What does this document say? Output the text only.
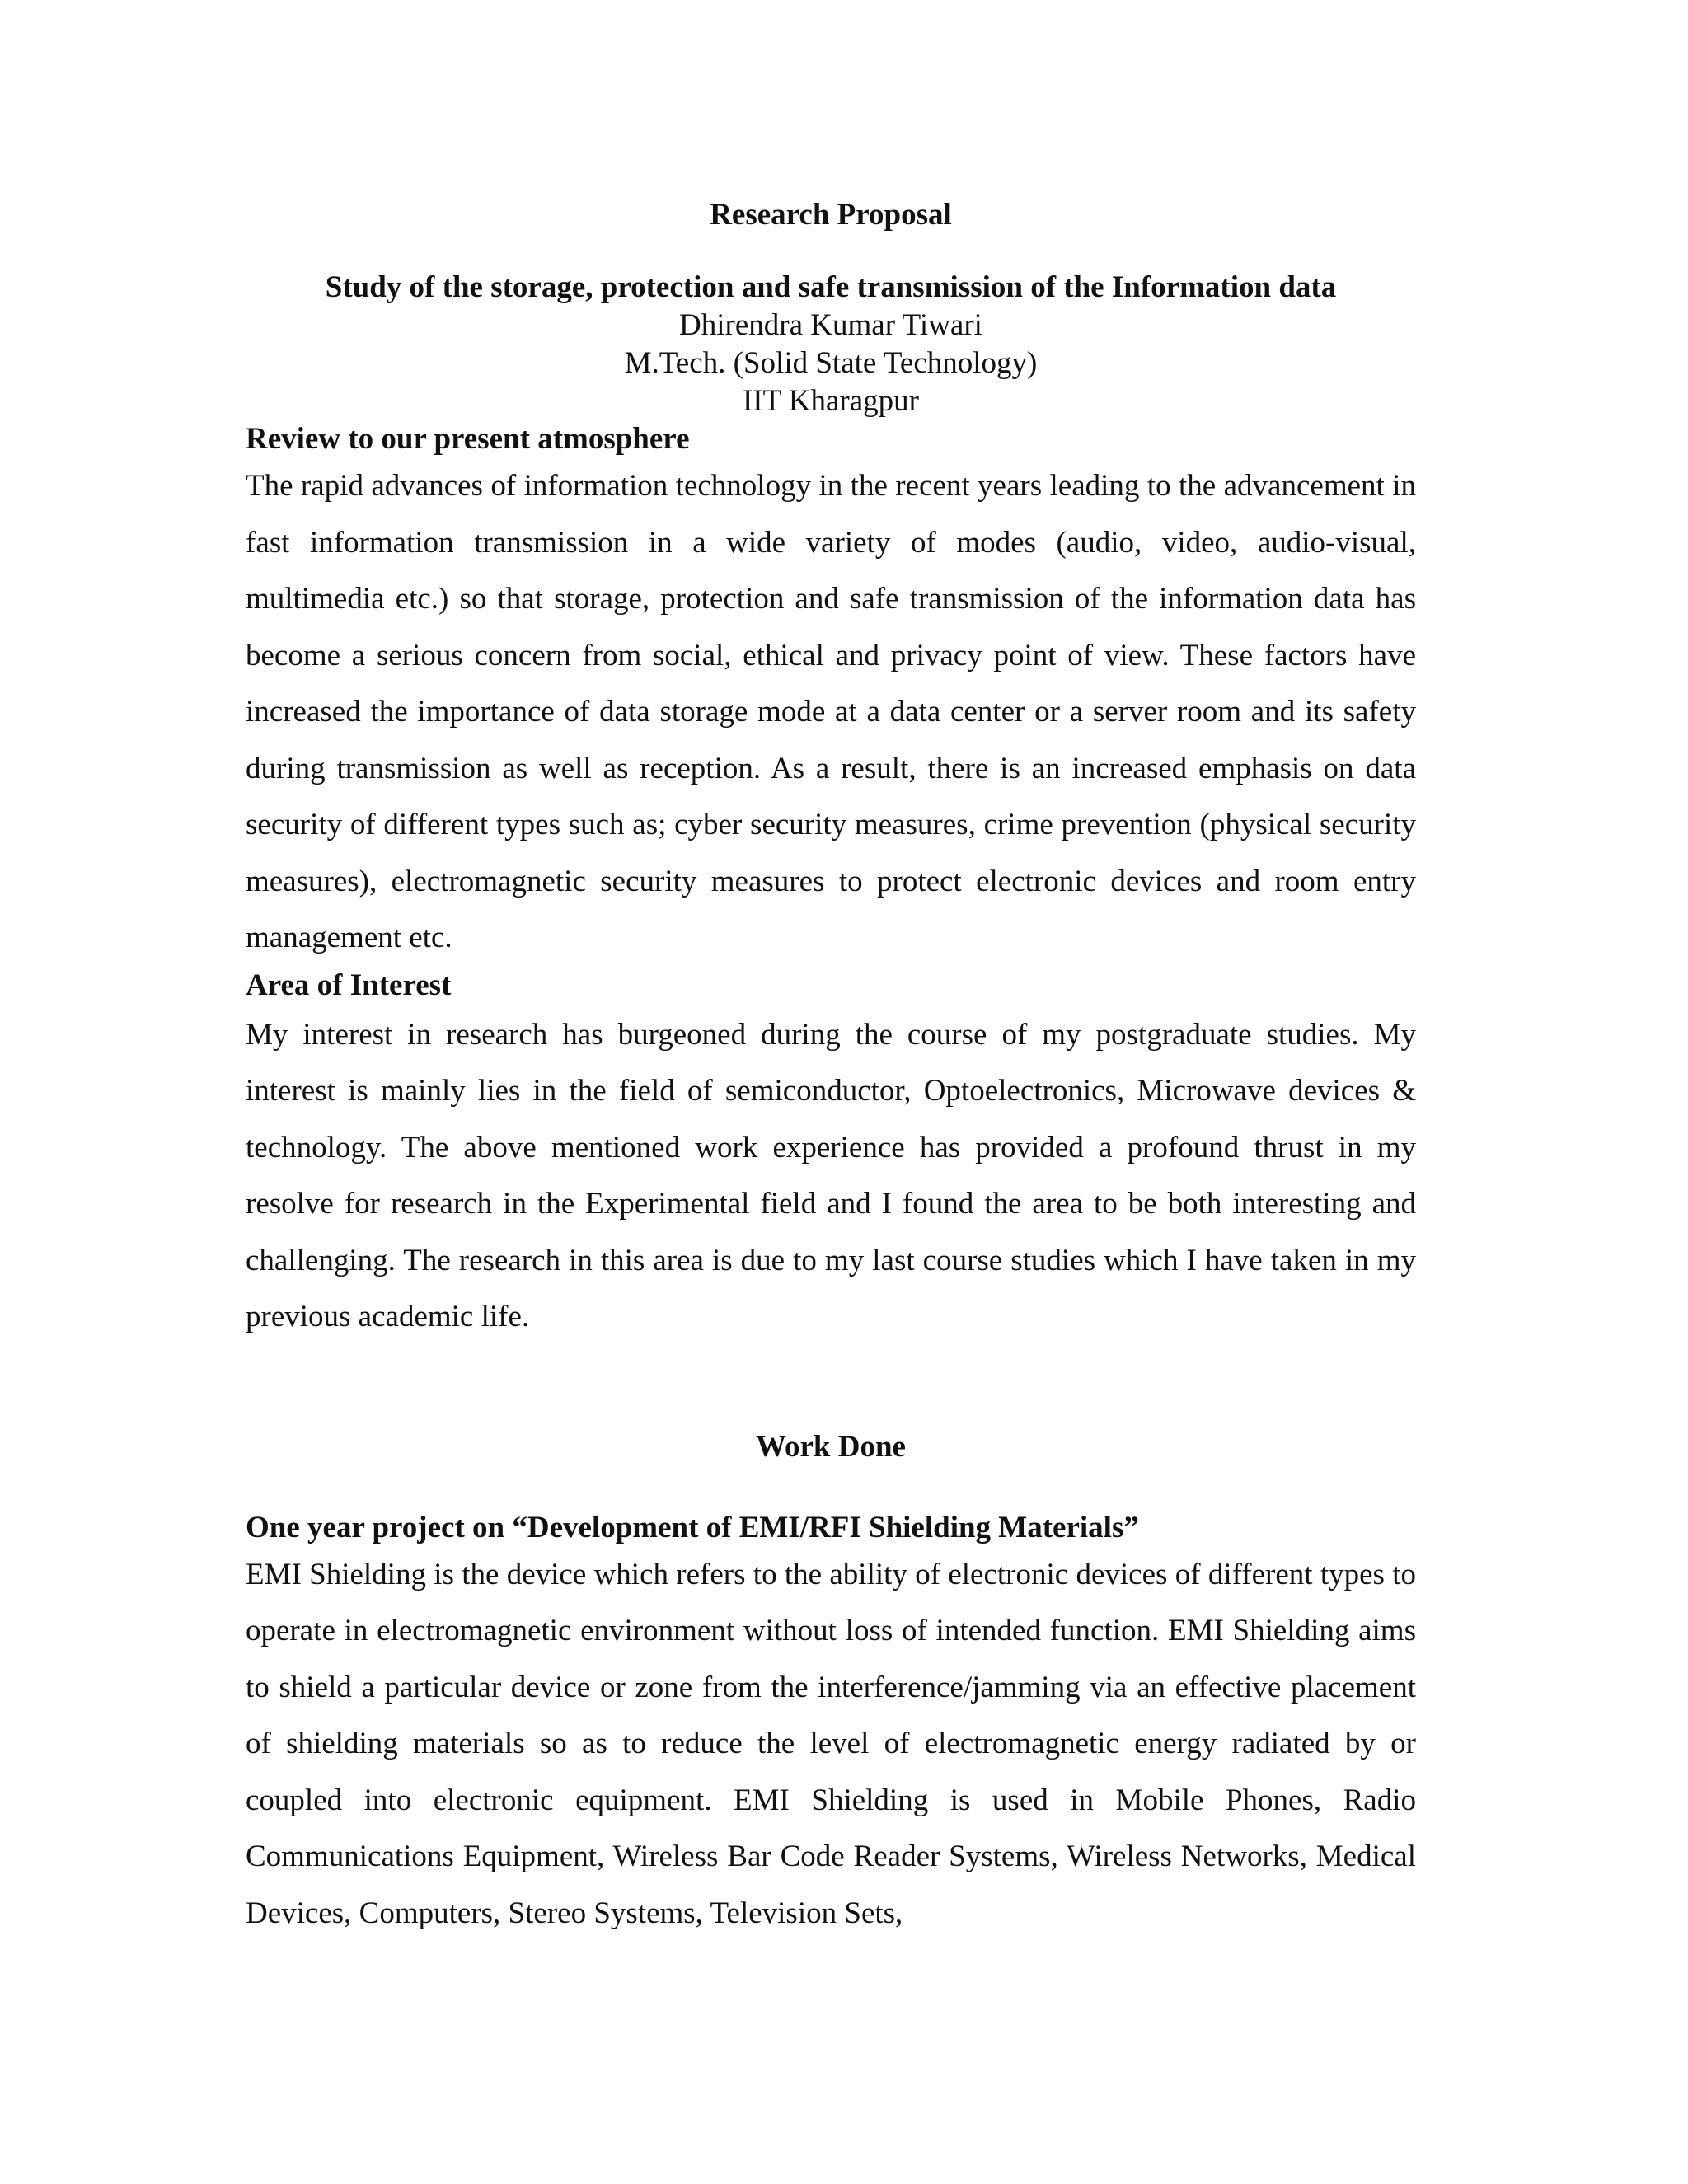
Research Proposal

Study of the storage, protection and safe transmission of the Information data

Dhirendra Kumar Tiwari

M.Tech. (Solid State Technology)

IIT Kharagpur

Review to our present atmosphere

The rapid advances of information technology in the recent years leading to the advancement in fast information transmission in a wide variety of modes (audio, video, audio-visual, multimedia etc.) so that storage, protection and safe transmission of the information data has become a serious concern from social, ethical and privacy point of view. These factors have increased the importance of data storage mode at a data center or a server room and its safety during transmission as well as reception. As a result, there is an increased emphasis on data security of different types such as; cyber security measures, crime prevention (physical security measures), electromagnetic security measures to protect electronic devices and room entry management etc.

Area of Interest

My interest in research has burgeoned during the course of my postgraduate studies. My interest is mainly lies in the field of semiconductor, Optoelectronics, Microwave devices & technology. The above mentioned work experience has provided a profound thrust in my resolve for research in the Experimental field and I found the area to be both interesting and challenging. The research in this area is due to my last course studies which I have taken in my previous academic life.

Work Done

One year project on “Development of EMI/RFI Shielding Materials”

EMI Shielding is the device which refers to the ability of electronic devices of different types to operate in electromagnetic environment without loss of intended function. EMI Shielding aims to shield a particular device or zone from the interference/jamming via an effective placement of shielding materials so as to reduce the level of electromagnetic energy radiated by or coupled into electronic equipment. EMI Shielding is used in Mobile Phones, Radio Communications Equipment, Wireless Bar Code Reader Systems, Wireless Networks, Medical Devices, Computers, Stereo Systems, Television Sets,
